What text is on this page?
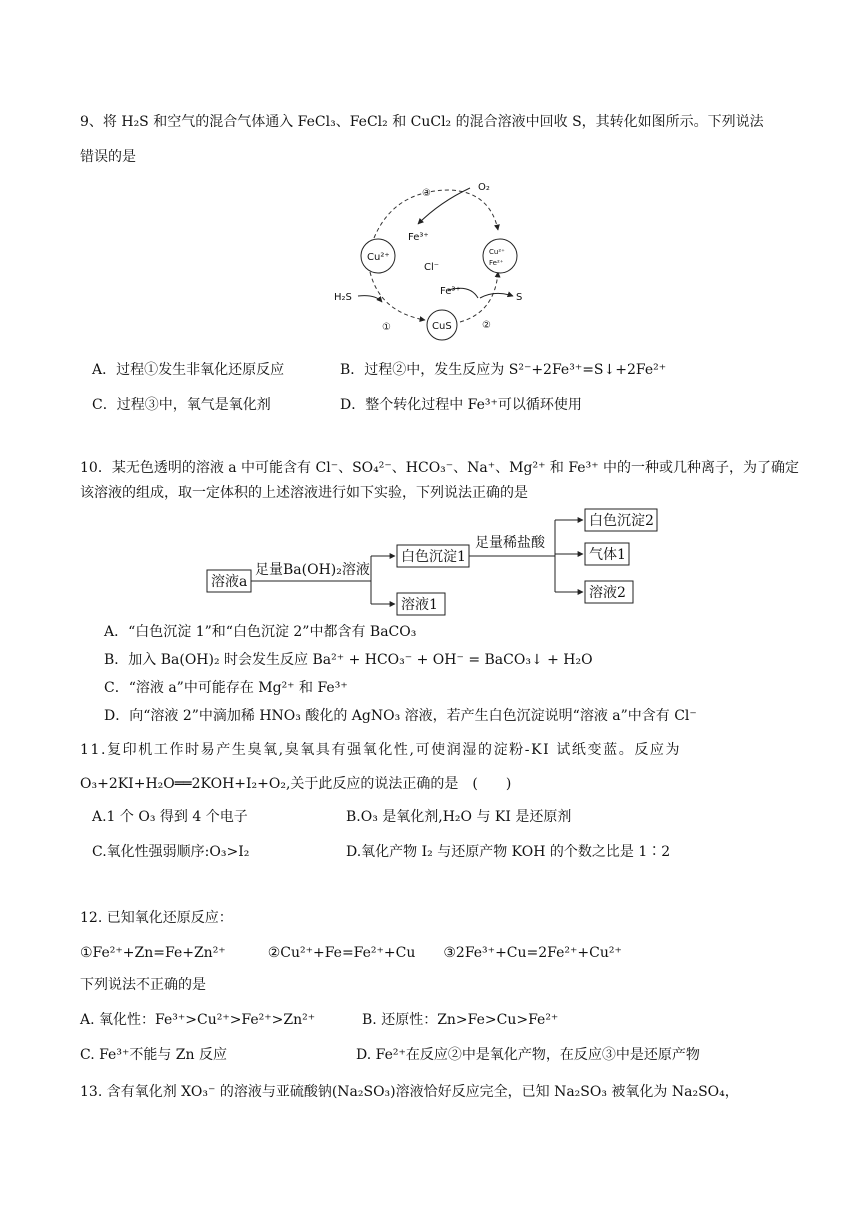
9、将 H₂S 和空气的混合气体通入 FeCl₃、FeCl₂ 和 CuCl₂ 的混合溶液中回收 S，其转化如图所示。下列说法
错误的是
③
O₂
Fe³⁺
Cu²⁺
Cl⁻
Cu²⁺
Fe²⁺
H₂S
Fe³⁺
S
CuS
①	②
A．过程①发生非氧化还原反应	B．过程②中，发生反应为 S²⁻+2Fe³⁺=S↓+2Fe²⁺
C．过程③中，氧气是氧化剂	D．整个转化过程中 Fe³⁺可以循环使用
10．某无色透明的溶液 a 中可能含有 Cl⁻、SO₄²⁻、HCO₃⁻、Na⁺、Mg²⁺ 和 Fe³⁺ 中的一种或几种离子，为了确定
该溶液的组成，取一定体积的上述溶液进行如下实验，下列说法正确的是
溶液a
足量Ba(OH)₂溶液
白色沉淀1
溶液1
足量稀盐酸
白色沉淀2
气体1
溶液2
A．“白色沉淀 1”和“白色沉淀 2”中都含有 BaCO₃
B．加入 Ba(OH)₂ 时会发生反应 Ba²⁺ + HCO₃⁻ + OH⁻ = BaCO₃↓ + H₂O
C．“溶液 a”中可能存在 Mg²⁺ 和 Fe³⁺
D．向“溶液 2”中滴加稀 HNO₃ 酸化的 AgNO₃ 溶液，若产生白色沉淀说明“溶液 a”中含有 Cl⁻
11.复印机工作时易产生臭氧,臭氧具有强氧化性,可使润湿的淀粉-KI 试纸变蓝。反应为
O₃+2KI+H₂O══2KOH+I₂+O₂,关于此反应的说法正确的是　(　　)
A.1 个 O₃ 得到 4 个电子	B.O₃ 是氧化剂,H₂O 与 KI 是还原剂
C.氧化性强弱顺序:O₃>I₂	D.氧化产物 I₂ 与还原产物 KOH 的个数之比是 1∶2
12. 已知氧化还原反应：
①Fe²⁺+Zn=Fe+Zn²⁺　　　②Cu²⁺+Fe=Fe²⁺+Cu　　③2Fe³⁺+Cu=2Fe²⁺+Cu²⁺
下列说法不正确的是
A. 氧化性：Fe³⁺>Cu²⁺>Fe²⁺>Zn²⁺	B. 还原性：Zn>Fe>Cu>Fe²⁺
C. Fe³⁺不能与 Zn 反应	D. Fe²⁺在反应②中是氧化产物，在反应③中是还原产物
13. 含有氧化剂 XO₃⁻ 的溶液与亚硫酸钠(Na₂SO₃)溶液恰好反应完全，已知 Na₂SO₃ 被氧化为 Na₂SO₄，
